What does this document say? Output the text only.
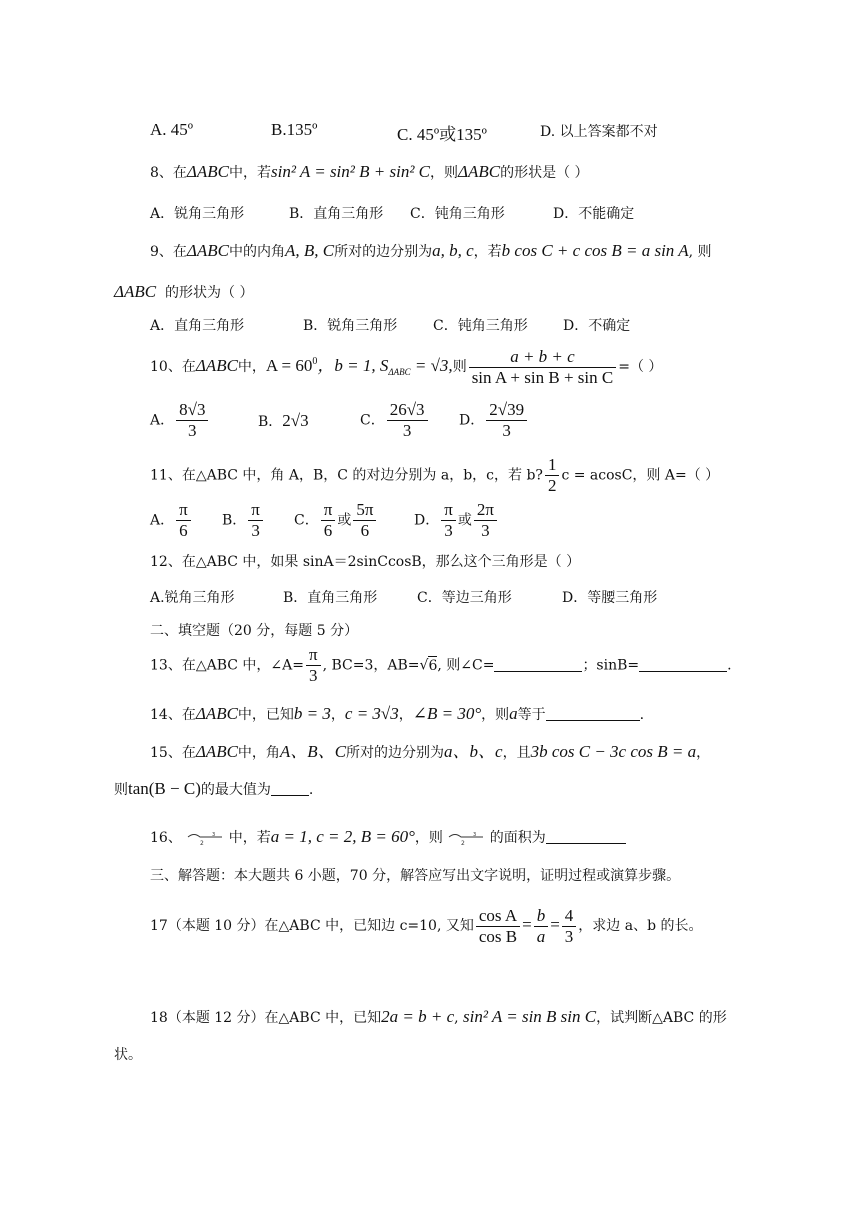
A. 45º	B.135º	C. 45º或135º	D. 以上答案都不对
8、在ΔABC中，若sin² A = sin² B + sin² C，则ΔABC的形状是（ ）
A．锐角三角形	B．直角三角形 C．钝角三角形	D．不能确定
9、在ΔABC中的内角A, B, C所对的边分别为a, b, c，若b cos C + c cos B = a sin A, 则
ΔABC 的形状为（ ）
A．直角三角形	B．锐角三角形	C．钝角三角形	D．不确定
10、在ΔABC中，$A = 60^0$，b = 1, $S_{\Delta ABC} = √3$,则 $\frac{a + b + c}{\text{sin A + sin B + sin C}}$ =（ ）
A． $\frac{8√3}{3}$	B．2√3	C． $\frac{26√3}{3}$ D． $\frac{2√39}{3}$
11、在△ABC 中，角 A，B，C 的对边分别为 a，b，c，若 b? $\frac{1}{2}$ c = acosC，则 A=（ ）
A． $\frac{\pi}{6}$ B． $\frac{\pi}{3}$ C． $\frac{\pi}{6}$ 或 $\frac{5\pi}{6}$	D． $\frac{\pi}{3}$ 或 $\frac{2\pi}{3}$
12、在△ABC 中，如果 sinA＝2sinCcosB，那么这个三角形是（ ）
A.锐角三角形	B．直角三角形	C．等边三角形	D．等腰三角形
二、填空题（20 分，每题 5 分）
13、在△ABC 中，∠A= $\frac{\pi}{3}$ , BC=3，AB=√6, 则∠C=	；sinB=	.
14、在ΔABC中，已知b = 3，c = 3√3，∠B = 30°，则a等于	.
15、在ΔABC中，角A、B、C所对的边分别为a、b、c，且3b cos C − 3c cos B = a，
则tan(B − C)的最大值为	.
16、	2
3 中，若a = 1, c = 2, B = 60°，则	2
3 的面积为
三、解答题：本大题共 6 小题，70 分，解答应写出文字说明，证明过程或演算步骤。
17（本题 10 分）在△ABC 中，已知边 c=10, 又知 $\frac{\text{cos A}}{\text{cos B}} = \frac{b}{a} = \frac{4}{3}$ ，求边 a、b 的长。
18（本题 12 分）在△ABC 中，已知2a = b + c, sin² A = sin B sin C，试判断△ABC 的形
状。
